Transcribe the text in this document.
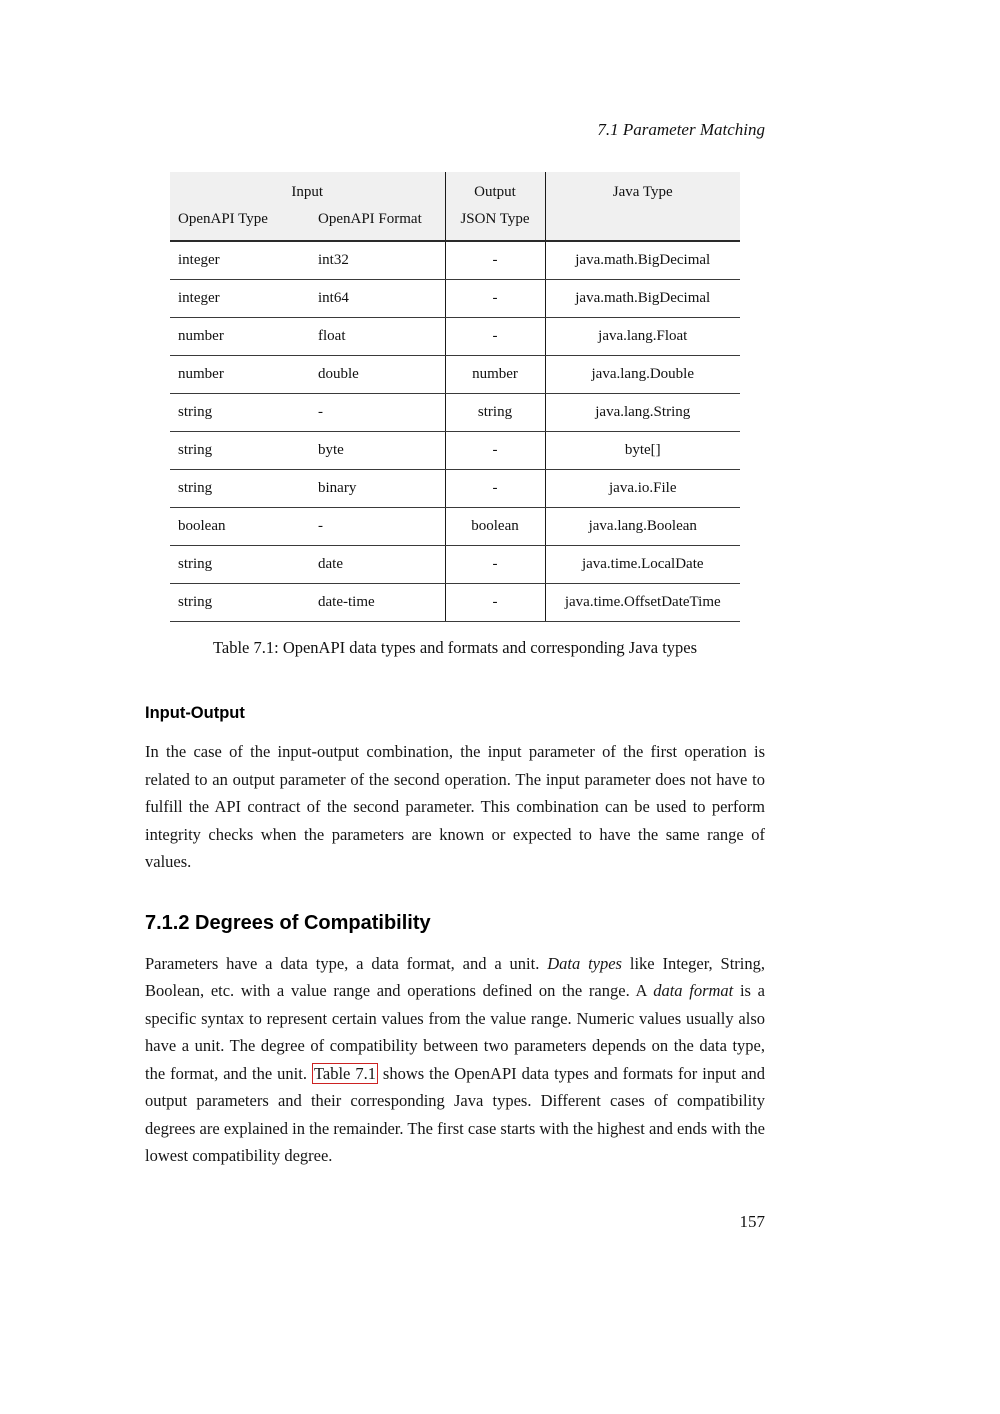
7.1 Parameter Matching
Input		Output	Java Type
OpenAPI Type	OpenAPI Format	JSON Type	
integer	int32	-	java.math.BigDecimal
integer	int64	-	java.math.BigDecimal
number	float	-	java.lang.Float
number	double	number	java.lang.Double
string	-	string	java.lang.String
string	byte	-	byte[]
string	binary	-	java.io.File
boolean	-	boolean	java.lang.Boolean
string	date	-	java.time.LocalDate
string	date-time	-	java.time.OffsetDateTime
Table 7.1: OpenAPI data types and formats and corresponding Java types
Input-Output

In the case of the input-output combination, the input parameter of the first operation is related to an output parameter of the second operation. The input parameter does not have to fulfill the API contract of the second parameter. This combination can be used to perform integrity checks when the parameters are known or expected to have the same range of values.

7.1.2 Degrees of Compatibility

Parameters have a data type, a data format, and a unit. Data types like Integer, String, Boolean, etc. with a value range and operations defined on the range. A data format is a specific syntax to represent certain values from the value range. Numeric values usually also have a unit. The degree of compatibility between two parameters depends on the data type, the format, and the unit. Table 7.1 shows the OpenAPI data types and formats for input and output parameters and their corresponding Java types. Different cases of compatibility degrees are explained in the remainder. The first case starts with the highest and ends with the lowest compatibility degree.

157
